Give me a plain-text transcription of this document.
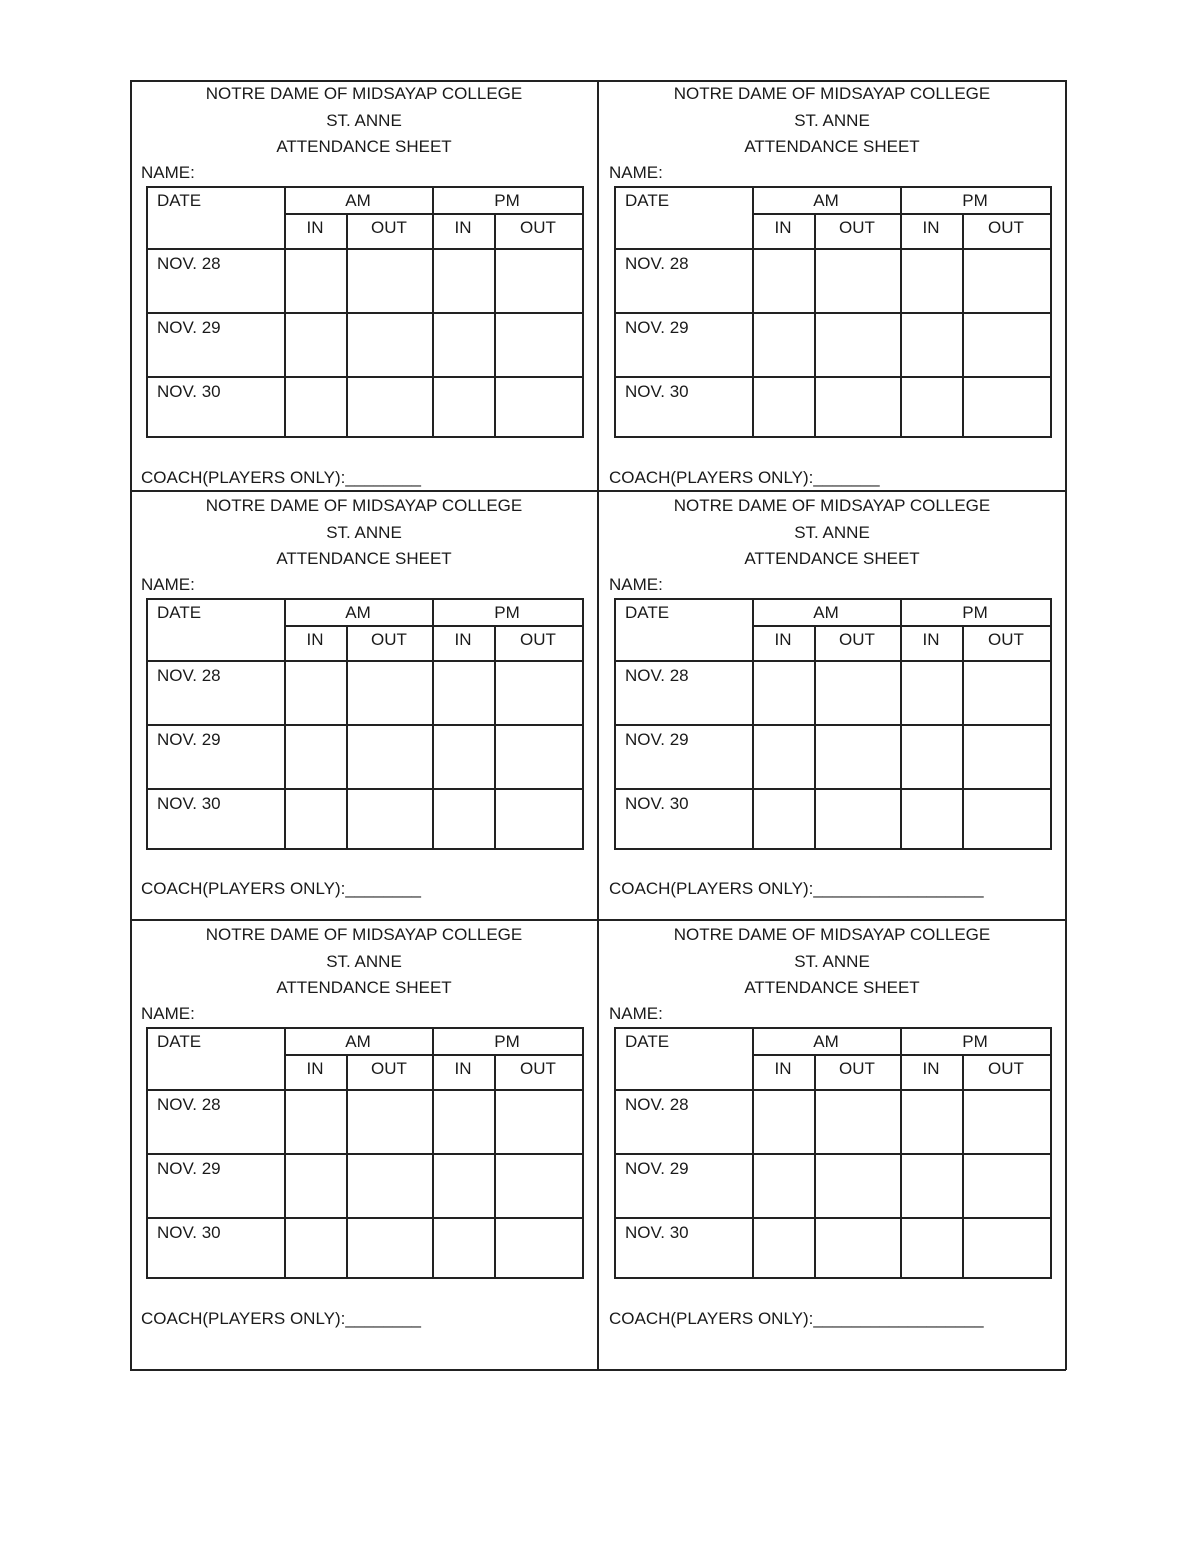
NOTRE DAME OF MIDSAYAP COLLEGE
ST. ANNE
ATTENDANCE SHEET
NAME:
DATE	AM	PM
IN	OUT	IN	OUT
NOV. 28
NOV. 29
NOV. 30
COACH(PLAYERS ONLY):________
NOTRE DAME OF MIDSAYAP COLLEGE
ST. ANNE
ATTENDANCE SHEET
NAME:
DATE	AM	PM
IN	OUT	IN	OUT
NOV. 28
NOV. 29
NOV. 30
COACH(PLAYERS ONLY):_______
NOTRE DAME OF MIDSAYAP COLLEGE
ST. ANNE
ATTENDANCE SHEET
NAME:
DATE	AM	PM
IN	OUT	IN	OUT
NOV. 28
NOV. 29
NOV. 30
COACH(PLAYERS ONLY):________
NOTRE DAME OF MIDSAYAP COLLEGE
ST. ANNE
ATTENDANCE SHEET
NAME:
DATE	AM	PM
IN	OUT	IN	OUT
NOV. 28
NOV. 29
NOV. 30
COACH(PLAYERS ONLY):__________________
NOTRE DAME OF MIDSAYAP COLLEGE
ST. ANNE
ATTENDANCE SHEET
NAME:
DATE	AM	PM
IN	OUT	IN	OUT
NOV. 28
NOV. 29
NOV. 30
COACH(PLAYERS ONLY):________
NOTRE DAME OF MIDSAYAP COLLEGE
ST. ANNE
ATTENDANCE SHEET
NAME:
DATE	AM	PM
IN	OUT	IN	OUT
NOV. 28
NOV. 29
NOV. 30
COACH(PLAYERS ONLY):__________________
